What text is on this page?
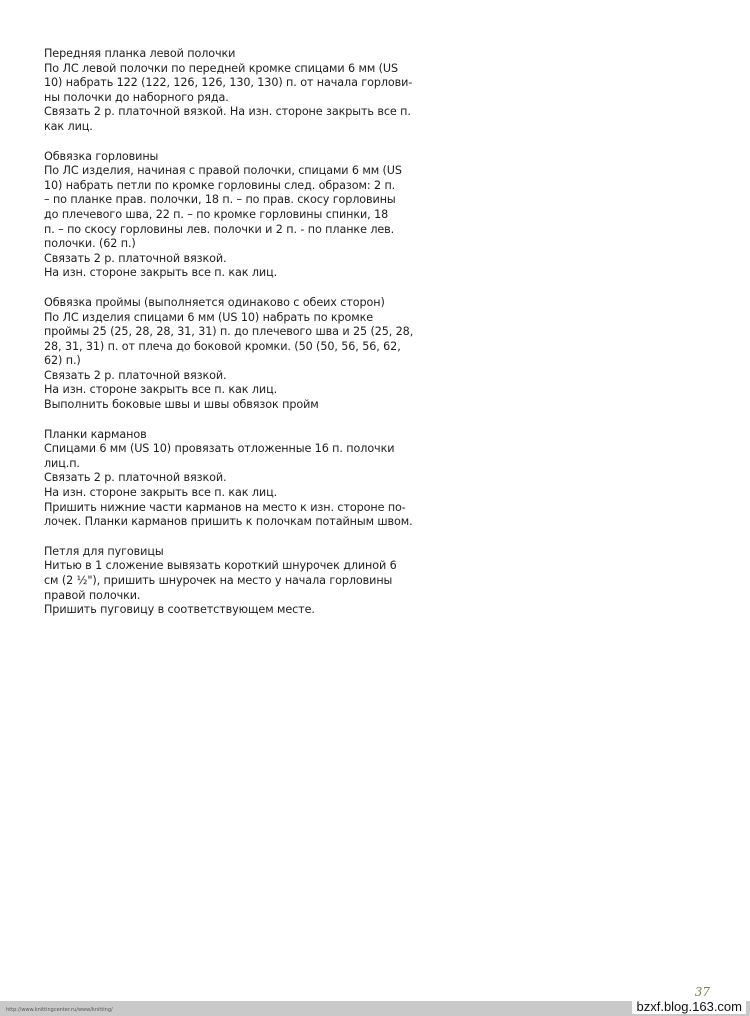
Передняя планка левой полочки
По ЛС левой полочки по передней кромке спицами 6 мм (US
10) набрать 122 (122, 126, 126, 130, 130) п. от начала горлови-
ны полочки до наборного ряда.
Связать 2 р. платочной вязкой. На изн. стороне закрыть все п.
как лиц.
Обвязка горловины
По ЛС изделия, начиная с правой полочки, спицами 6 мм (US
10) набрать петли по кромке горловины след. образом: 2 п.
– по планке прав. полочки, 18 п. – по прав. скосу горловины
до плечевого шва, 22 п. – по кромке горловины спинки, 18
п. – по скосу горловины лев. полочки и 2 п. - по планке лев.
полочки. (62 п.)
Связать 2 р. платочной вязкой.
На изн. стороне закрыть все п. как лиц.
Обвязка проймы (выполняется одинаково с обеих сторон)
По ЛС изделия спицами 6 мм (US 10) набрать по кромке
проймы 25 (25, 28, 28, 31, 31) п. до плечевого шва и 25 (25, 28,
28, 31, 31) п. от плеча до боковой кромки. (50 (50, 56, 56, 62,
62) п.)
Связать 2 р. платочной вязкой.
На изн. стороне закрыть все п. как лиц.
Выполнить боковые швы и швы обвязок пройм
Планки карманов
Спицами 6 мм (US 10) провязать отложенные 16 п. полочки
лиц.п.
Связать 2 р. платочной вязкой.
На изн. стороне закрыть все п. как лиц.
Пришить нижние части карманов на место к изн. стороне по-
лочек. Планки карманов пришить к полочкам потайным швом.
Петля для пуговицы
Нитью в 1 сложение вывязать короткий шнурочек длиной 6
см (2 ½"), пришить шнурочек на место у начала горловины
правой полочки.
Пришить пуговицу в соответствующем месте.
37
http://www.knittingcenter.ru/www/knitting/	bzxf.blog.163.com
